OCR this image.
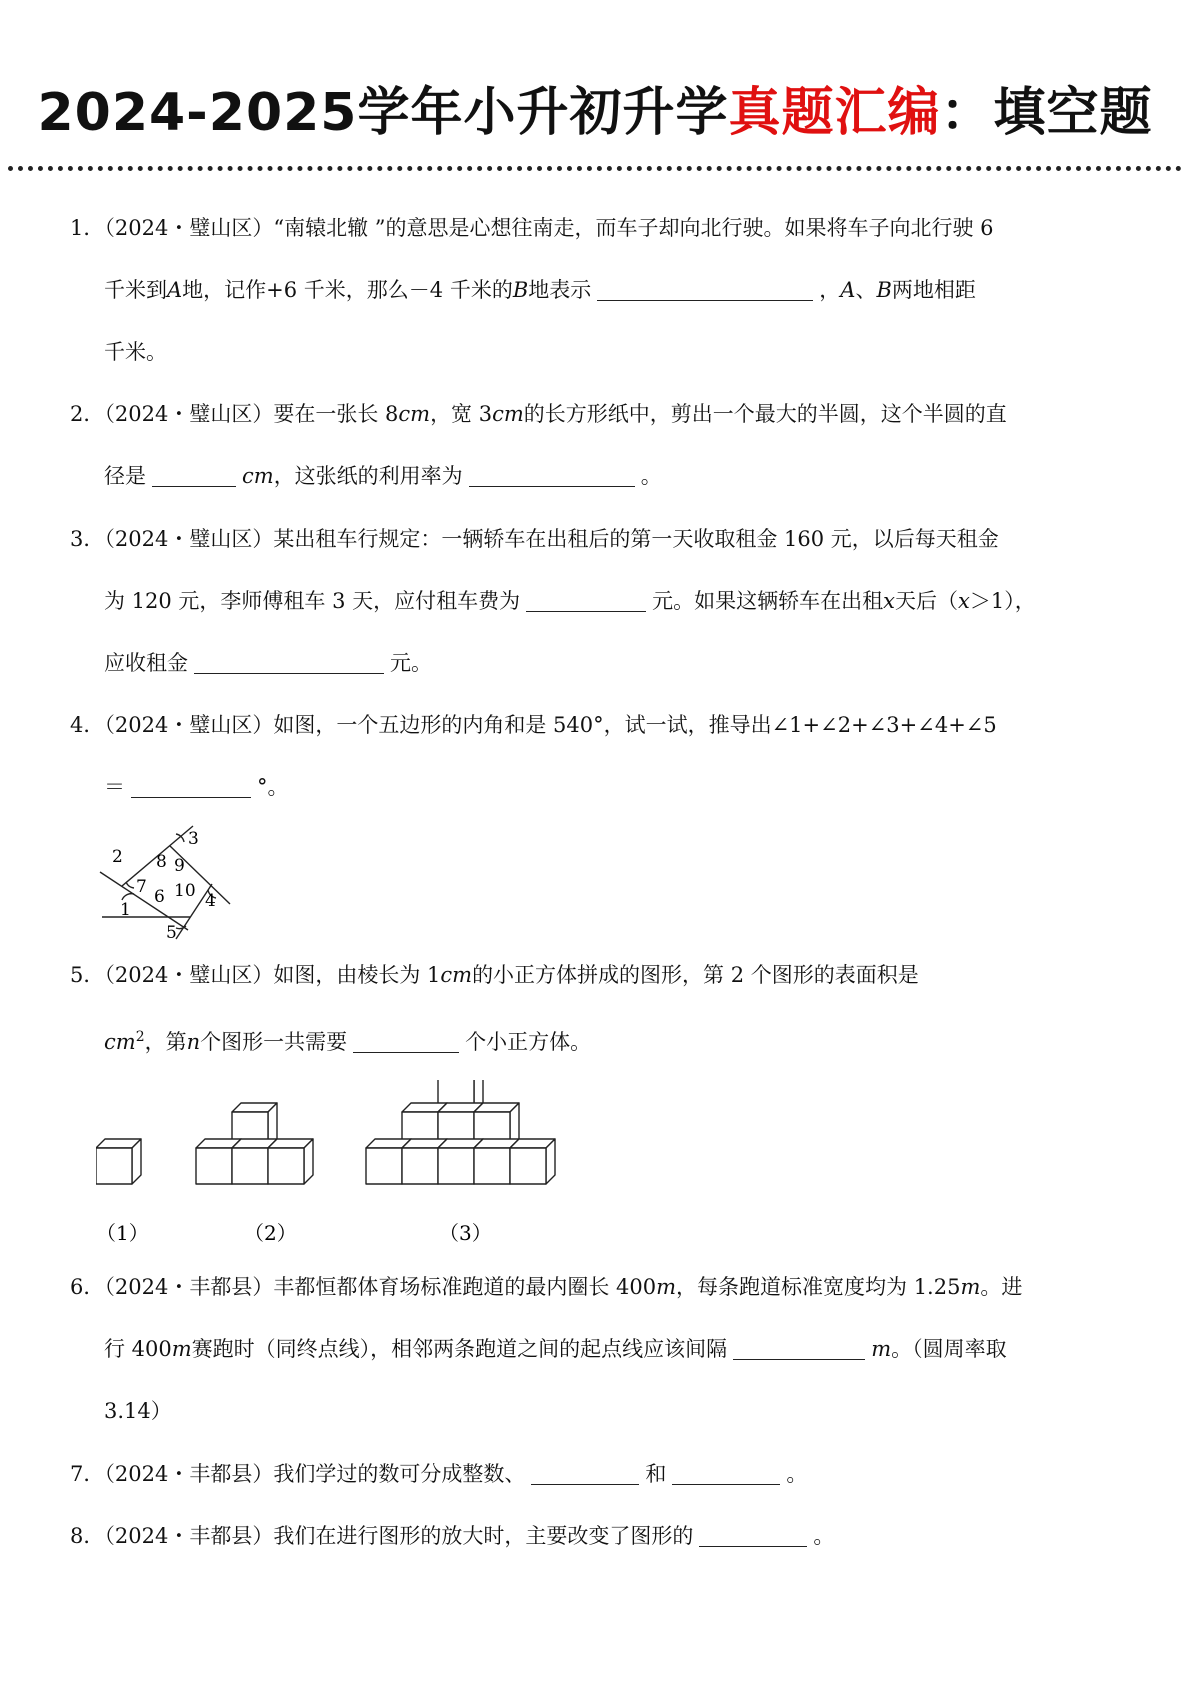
2024-2025学年小升初升学真题汇编：填空题
1．（2024・璧山区）“南辕北辙 ”的意思是心想往南走，而车子却向北行驶。如果将车子向北行驶 6
千米到A地，记作+6 千米，那么－4 千米的B地表示	，A、B两地相距
千米。
2．（2024・璧山区）要在一张长 8cm，宽 3cm的长方形纸中，剪出一个最大的半圆，这个半圆的直
径是	cm，这张纸的利用率为	。
3．（2024・璧山区）某出租车行规定：一辆轿车在出租后的第一天收取租金 160 元，以后每天租金
为 120 元，李师傅租车 3 天，应付租车费为	元。如果这辆轿车在出租x天后（x＞1），
应收租金	元。
4．（2024・璧山区）如图，一个五边形的内角和是 540°，试一试，推导出∠1+∠2+∠3+∠4+∠5
＝	°。
1
2
3
4
5
6
7
8 9
10
5．（2024・璧山区）如图，由棱长为 1cm的小正方体拼成的图形，第 2 个图形的表面积是
$cm^2$，第n个图形一共需要	个小正方体。
（1）	（2）	（3）
6．（2024・丰都县）丰都恒都体育场标准跑道的最内圈长 400m，每条跑道标准宽度均为 1.25m。进
行 400m赛跑时（同终点线），相邻两条跑道之间的起点线应该间隔	m。（圆周率取
3.14）
7．（2024・丰都县）我们学过的数可分成整数、	和	。
8．（2024・丰都县）我们在进行图形的放大时，主要改变了图形的	。
